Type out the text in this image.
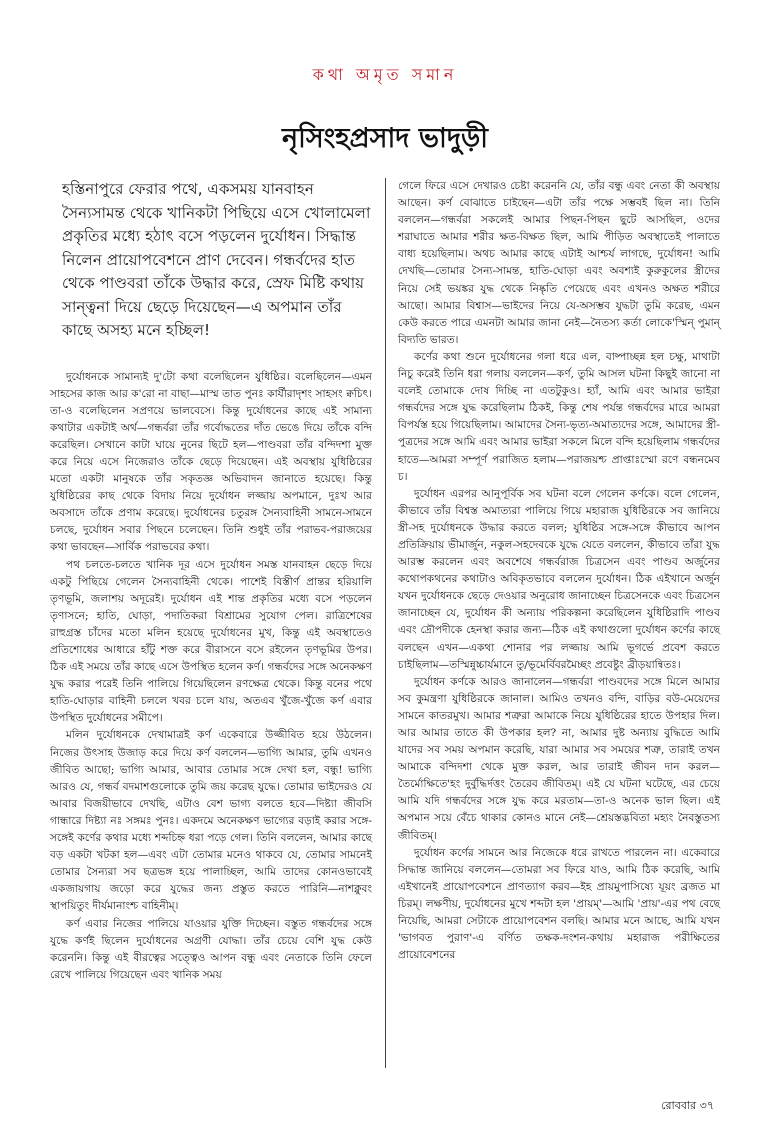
কথা অমৃত সমান
নৃসিংহপ্রসাদ ভাদুড়ী
হস্তিনাপুরে ফেরার পথে, একসময় যানবাহন সৈন্যসামন্ত থেকে খানিকটা পিছিয়ে এসে খোলামেলা প্রকৃতির মধ্যে হঠাৎ বসে পড়লেন দুর্যোধন। সিদ্ধান্ত নিলেন প্রায়োপবেশনে প্রাণ দেবেন। গন্ধর্বদের হাত থেকে পাণ্ডবরা তাঁকে উদ্ধার করে, স্রেফ মিষ্টি কথায় সান্ত্বনা দিয়ে ছেড়ে দিয়েছেন—এ অপমান তাঁর কাছে অসহ্য মনে হচ্ছিল!

দুর্যোধনকে সামান্যই দু'টো কথা বলেছিলেন যুধিষ্ঠির। বলেছিলেন—এমন সাহসের কাজ আর ক'রো না বাছা—মাস্ম তাত পুনঃ কার্যীরাদৃশং সাহসং ক্বচিৎ। তা-ও বলেছিলেন সপ্রণয়ে ভালবেসে। কিন্তু দুর্যোধনের কাছে এই সামান্য কথাটার একটাই অর্থ—গন্ধর্বরা তাঁর গর্বোদ্ধতের দাঁত ভেঙে দিয়ে তাঁকে বন্দি করেছিল। সেখানে কাটা ঘায়ে নুনের ছিটে হল—পাণ্ডবরা তাঁর বন্দিদশা মুক্ত করে নিয়ে এসে নিজেরাও তাঁকে ছেড়ে দিয়েছেন। এই অবস্থায় যুধিষ্ঠিরের মতো একটা মানুষকে তাঁর সকৃতজ্ঞ অভিবাদন জানাতে হয়েছে। কিন্তু যুধিষ্ঠিরের কাছ থেকে বিদায় নিয়ে দুর্যোধন লজ্জায় অপমানে, দুঃখ আর অবসাদে তাঁকে প্রণাম করেছে। দুর্যোধনের চতুরঙ্গ সৈন্যবাহিনী সামনে-সামনে চলছে, দুর্যোধন সবার পিছনে চলেছেন। তিনি শুধুই তাঁর পরাভব-পরাজয়ের কথা ভাবছেন—সার্বিক পরাভবের কথা।

পথ চলতে-চলতে খানিক দূর এসে দুর্যোধন সমস্ত যানবাহন ছেড়ে দিয়ে একটু পিছিয়ে গেলেন সৈন্যবাহিনী থেকে। পাশেই বিস্তীর্ণ প্রান্তর হরিয়ালি তৃণভূমি, জলাশয় অদূরেই। দুর্যোধন এই শান্ত প্রকৃতির মধ্যে বসে পড়লেন তৃণাসনে; হাতি, ঘোড়া, পদাতিকরা বিশ্রামের সুযোগ পেল। রাত্রিশেষের রাহুগ্রস্ত চাঁদের মতো মলিন হয়েছে দুর্যোধনের মুখ, কিন্তু এই অবস্থাতেও প্রতিশোধের আধারে হাঁটু শক্ত করে বীরাসনে বসে রইলেন তৃণভূমির উপর। ঠিক এই সময়ে তাঁর কাছে এসে উপস্থিত হলেন কর্ণ। গন্ধর্বদের সঙ্গে অনেকক্ষণ যুদ্ধ করার পরেই তিনি পালিয়ে গিয়েছিলেন রণক্ষেত্র থেকে। কিন্তু বনের পথে হাতি-ঘোড়ার বাহিনী চললে খবর চলে যায়, অতএব খুঁজে-খুঁজে কর্ণ এবার উপস্থিত দুর্যোধনের সমীপে।

মলিন দুর্যোধনকে দেখামাত্রই কর্ণ একেবারে উজ্জীবিত হয়ে উঠলেন। নিজের উৎসাহ উজাড় করে দিয়ে কর্ণ বললেন—ভাগ্যি আমার, তুমি এখনও জীবিত আছো; ভাগ্যি আমার, আবার তোমার সঙ্গে দেখা হল, বন্ধু! ভাগ্যি আরও যে, গন্ধর্ব বদমাশগুলোকে তুমি জয় করেছ যুদ্ধে। তোমার ভাইদেরও যে আবার বিজয়ীভাবে দেখছি, এটাও বেশ ভাগ্য বলতে হবে—দিষ্ট্যা জীবসি গান্ধারে দিষ্ট্যা নঃ সঙ্গমঃ পুনঃ। একদমে অনেকক্ষণ ভাগ্যের বড়াই করার সঙ্গে-সঙ্গেই কর্ণের কথার মধ্যে শব্দচিহ্ন ধরা পড়ে গেল। তিনি বললেন, আমার কাছে বড় একটা খটকা হল—এবং এটা তোমার মনেও থাকবে যে, তোমার সামনেই তোমার সৈন্যরা সব ছত্রভঙ্গ হয়ে পালাচ্ছিল, আমি তাদের কোনওভাবেই একজায়গায় জড়ো করে যুদ্ধের জন্য প্রস্তুত করতে পারিনি—নাশক্নুবং স্থাপয়িতুং দীর্যমানাংশ্চ বাহিনীম্‌।

কর্ণ এবার নিজের পালিয়ে যাওয়ার যুক্তি দিচ্ছেন। বস্তুত গন্ধর্বদের সঙ্গে যুদ্ধে কর্ণই ছিলেন দুর্যোধনের অগ্রণী যোদ্ধা। তাঁর চেয়ে বেশি যুদ্ধ কেউ করেননি। কিন্তু এই বীরত্বের সত্ত্বেও আপন বন্ধু এবং নেতাকে তিনি ফেলে রেখে পালিয়ে গিয়েছেন এবং খানিক সময়

গেলে ফিরে এসে দেখারও চেষ্টা করেননি যে, তাঁর বন্ধু এবং নেতা কী অবস্থায় আছেন। কর্ণ বোঝাতে চাইছেন—এটা তাঁর পক্ষে সম্ভবই ছিল না। তিনি বললেন—গন্ধর্বরা সকলেই আমার পিছন-পিছন ছুটে আসছিল, ওদের শরাঘাতে আমার শরীর ক্ষত-বিক্ষত ছিল, আমি পীড়িত অবস্থাতেই পালাতে বাধ্য হয়েছিলাম। অথচ আমার কাছে এটাই আশ্চর্য লাগছে, দুর্যোধন! আমি দেখছি—তোমার সৈন্য-সামন্ত, হাতি-ঘোড়া এবং অবশ্যই কুরুকুলের স্ত্রীদের নিয়ে সেই ভয়ঙ্কর যুদ্ধ থেকে নিষ্কৃতি পেয়েছে এবং এখনও অক্ষত শরীরে আছো। আমার বিশ্বাস—ভাইদের নিয়ে যে-অসম্ভব যুদ্ধটা তুমি করেছ, এমন কেউ করতে পারে এমনটা আমার জানা নেই—নৈতস্য কর্তা লোকে'স্মিন্‌ পুমান্‌ বিদ্যতি ভারত।

কর্ণের কথা শুনে দুর্যোধনের গলা ধরে এল, বাষ্পাচ্ছন্ন হল চক্ষু, মাথাটা নিচু করেই তিনি ধরা গলায় বললেন—কর্ণ, তুমি আসল ঘটনা কিছুই জানো না বলেই তোমাকে দোষ দিচ্ছি না এতটুকুও। হ্যাঁ, আমি এবং আমার ভাইরা গন্ধর্বদের সঙ্গে যুদ্ধ করেছিলাম ঠিকই, কিন্তু শেষ পর্যন্ত গন্ধর্বদের মারে আমরা বিপর্যস্ত হয়ে গিয়েছিলাম। আমাদের সৈন্য-ভৃত্য-অমাত্যদের সঙ্গে, আমাদের স্ত্রী-পুত্রদের সঙ্গে আমি এবং আমার ভাইরা সকলে মিলে বন্দি হয়েছিলাম গন্ধর্বদের হাতে—আমরা সম্পূর্ণ পরাজিত হলাম—পরাজয়শ্চ প্রাপ্তাঃস্মো রণে বন্ধনমেব চ।

দুর্যোধন এরপর আনুপূর্বিক সব ঘটনা বলে গেলেন কর্ণকে। বলে গেলেন, কীভাবে তাঁর বিশ্বস্ত অমাত্যরা পালিয়ে গিয়ে মহারাজ যুধিষ্ঠিরকে সব জানিয়ে স্ত্রী-সহ দুর্যোধনকে উদ্ধার করতে বলল; যুধিষ্ঠির সঙ্গে-সঙ্গে কীভাবে আপন প্রতিক্রিয়ায় ভীমার্জুন, নকুল-সহদেবকে যুদ্ধে যেতে বললেন, কীভাবে তাঁরা যুদ্ধ আরম্ভ করলেন এবং অবশেষে গন্ধর্বরাজ চিত্রসেন এবং পাণ্ডব অর্জুনের কথোপকথনের কথাটাও অবিকৃতভাবে বললেন দুর্যোধন। ঠিক এইখানে অর্জুন যখন দুর্যোধনকে ছেড়ে দেওয়ার অনুরোধ জানাচ্ছেন চিত্রসেনকে এবং চিত্রসেন জানাচ্ছেন যে, দুর্যোধন কী অন্যায় পরিকল্পনা করেছিলেন যুধিষ্ঠিরাদি পাণ্ডব এবং দ্রৌপদীকে হেনস্থা করার জন্য—ঠিক এই কথাগুলো দুর্যোধন কর্ণের কাছে বলছেন এখন—একথা শোনার পর লজ্জায় আমি ভূগর্ভে প্রবেশ করতে চাইছিলাম—তস্মিন্নুচ্চার্যমানে তু/ভূমের্বিবরমৈচ্ছং প্রবেষ্টুং ব্রীড়য়ান্বিতঃ।

দুর্যোধন কর্ণকে আরও জানালেন—গন্ধর্বরা পাণ্ডবদের সঙ্গে মিলে আমার সব কুমন্ত্রণা যুধিষ্ঠিরকে জানাল। আমিও তখনও বন্দি, বাড়ির বউ-মেয়েদের সামনে কাতরমুখ। আমার শত্রুরা আমাকে নিয়ে যুধিষ্ঠিরের হাতে উপহার দিল। আর আমার তাতে কী উপকার হল? না, আমার দুষ্ট অন্যায় বুদ্ধিতে আমি যাদের সব সময় অপমান করেছি, যারা আমার সব সময়ের শত্রু, তারাই তখন আমাকে বন্দিদশা থেকে মুক্ত করল, আর তারাই জীবন দান করল—তৈর্মোক্ষিতে'হং দুর্বুদ্ধির্দত্তং তৈরেব জীবিতম্‌। এই যে ঘটনা ঘটেছে, এর চেয়ে আমি যদি গন্ধর্বদের সঙ্গে যুদ্ধ করে মরতাম—তা-ও অনেক ভাল ছিল। এই অপমান সয়ে বেঁচে থাকার কোনও মানে নেই—শ্রেয়স্তদ্ভবিতা মহ্যং নৈবস্তুতস্য জীবিতম্‌।

দুর্যোধন কর্ণের সামনে আর নিজেকে ধরে রাখতে পারলেন না। একেবারে সিদ্ধান্ত জানিয়ে বললেন—তোমরা সব ফিরে যাও, আমি ঠিক করেছি, আমি এইখানেই প্রায়োপবেশনে প্রাণত্যাগ করব—ইহ প্রায়মুপাসিষ্যে যূয়ং ব্রজত মা চিরম্‌। লক্ষণীয়, দুর্যোধনের মুখে শব্দটা হল 'প্রায়ম্‌'—আমি 'প্রায়'-এর পথ বেছে নিয়েছি, আমরা সেটাকে প্রায়োপবেশন বলছি। আমার মনে আছে, আমি যখন 'ভাগবত পুরাণ'-এ বর্ণিত তক্ষক-দংশন-কথায় মহারাজ পরীক্ষিতের প্রায়োবেশনের

রোববার ৩৭
